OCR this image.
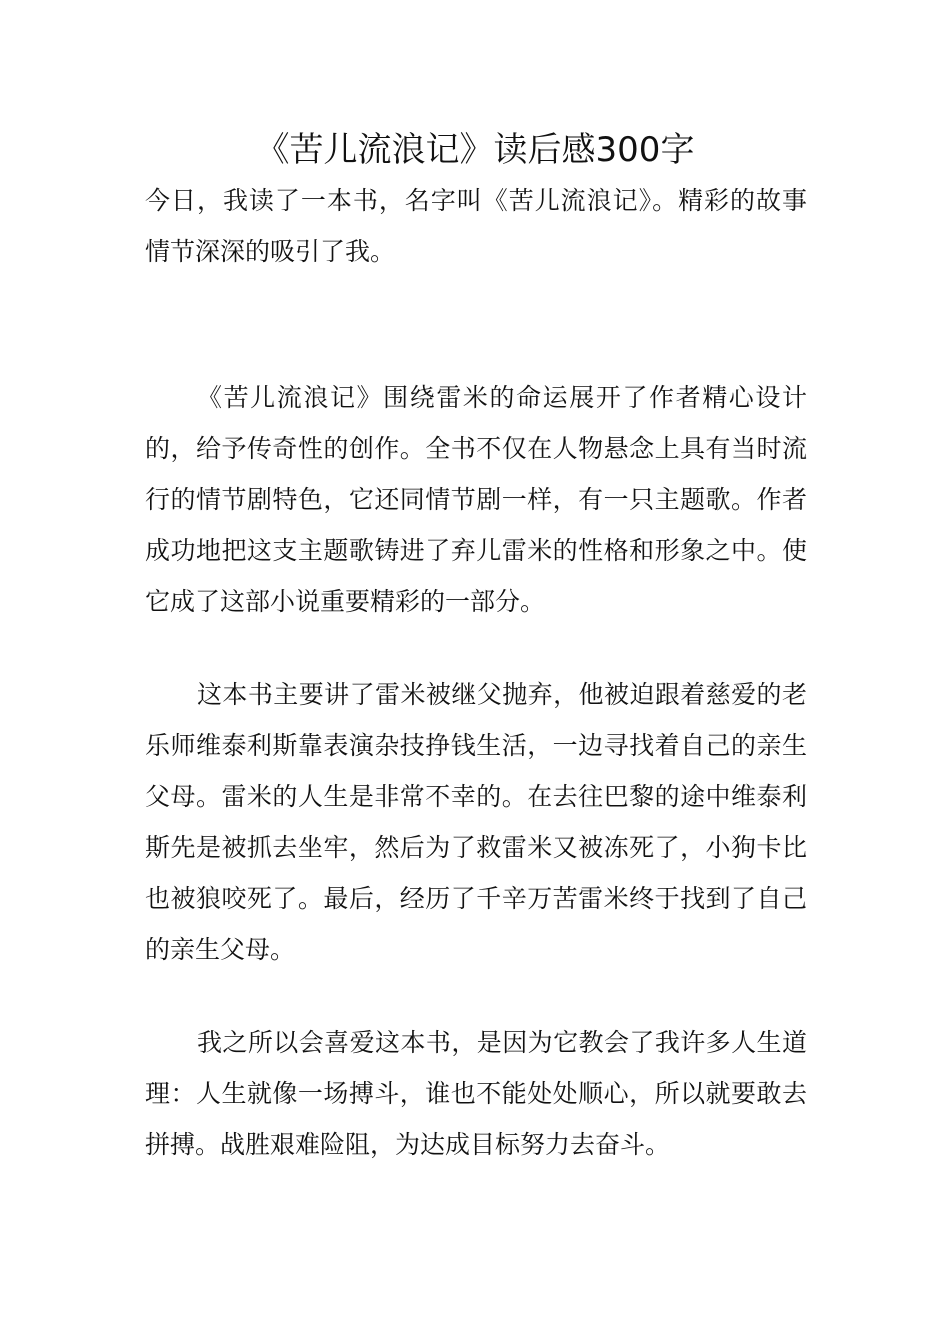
《苦儿流浪记》读后感300字

今日，我读了一本书，名字叫《苦儿流浪记》。精彩的故事情节深深的吸引了我。

《苦儿流浪记》围绕雷米的命运展开了作者精心设计的，给予传奇性的创作。全书不仅在人物悬念上具有当时流行的情节剧特色，它还同情节剧一样，有一只主题歌。作者成功地把这支主题歌铸进了弃儿雷米的性格和形象之中。使它成了这部小说重要精彩的一部分。

这本书主要讲了雷米被继父抛弃，他被迫跟着慈爱的老乐师维泰利斯靠表演杂技挣钱生活，一边寻找着自己的亲生父母。雷米的人生是非常不幸的。在去往巴黎的途中维泰利斯先是被抓去坐牢，然后为了救雷米又被冻死了，小狗卡比也被狼咬死了。最后，经历了千辛万苦雷米终于找到了自己的亲生父母。

我之所以会喜爱这本书，是因为它教会了我许多人生道理：人生就像一场搏斗，谁也不能处处顺心，所以就要敢去拼搏。战胜艰难险阻，为达成目标努力去奋斗。
